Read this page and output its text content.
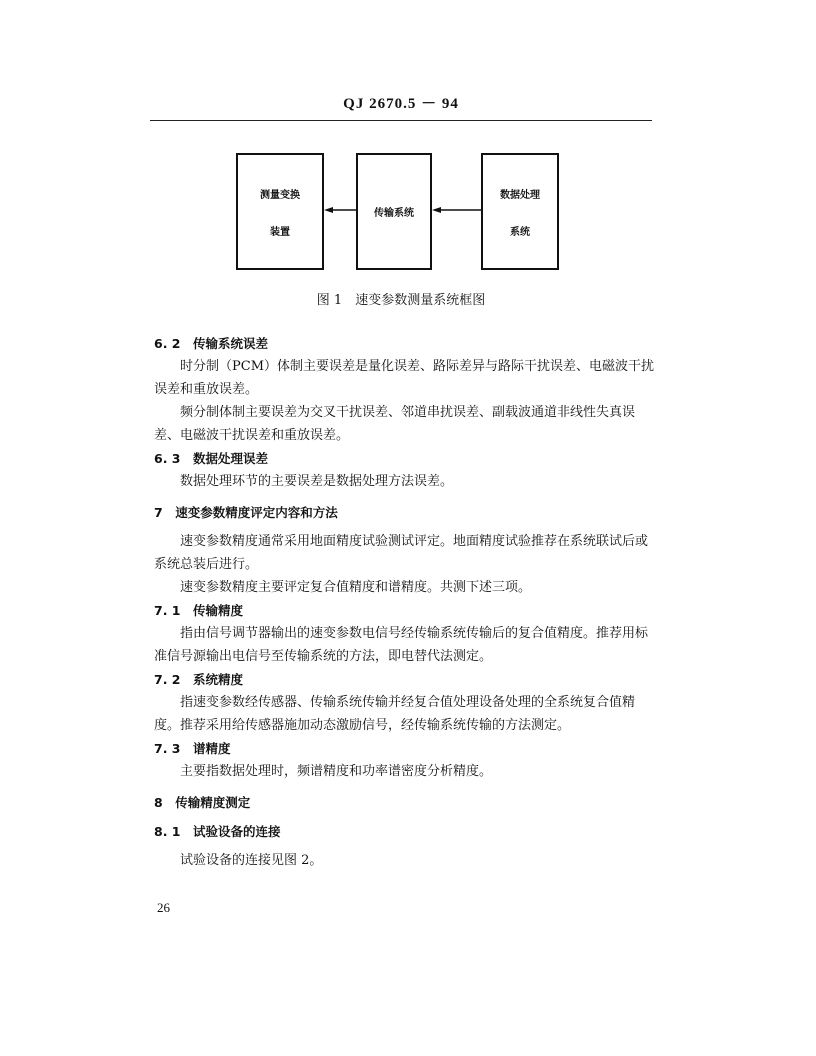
QJ 2670.5 － 94
测量变换
装置
传输系统
数据处理
系统
图 1　速变参数测量系统框图

6. 2　传输系统误差

时分制（PCM）体制主要误差是量化误差、路际差异与路际干扰误差、电磁波干扰误差和重放误差。

频分制体制主要误差为交叉干扰误差、邻道串扰误差、副载波通道非线性失真误差、电磁波干扰误差和重放误差。

6. 3　数据处理误差

数据处理环节的主要误差是数据处理方法误差。

7　速变参数精度评定内容和方法

速变参数精度通常采用地面精度试验测试评定。地面精度试验推荐在系统联试后或系统总装后进行。

速变参数精度主要评定复合值精度和谱精度。共测下述三项。

7. 1　传输精度

指由信号调节器输出的速变参数电信号经传输系统传输后的复合值精度。推荐用标准信号源输出电信号至传输系统的方法，即电替代法测定。

7. 2　系统精度

指速变参数经传感器、传输系统传输并经复合值处理设备处理的全系统复合值精度。推荐采用给传感器施加动态激励信号，经传输系统传输的方法测定。

7. 3　谱精度

主要指数据处理时，频谱精度和功率谱密度分析精度。

8　传输精度测定

8. 1　试验设备的连接

试验设备的连接见图 2。

26
